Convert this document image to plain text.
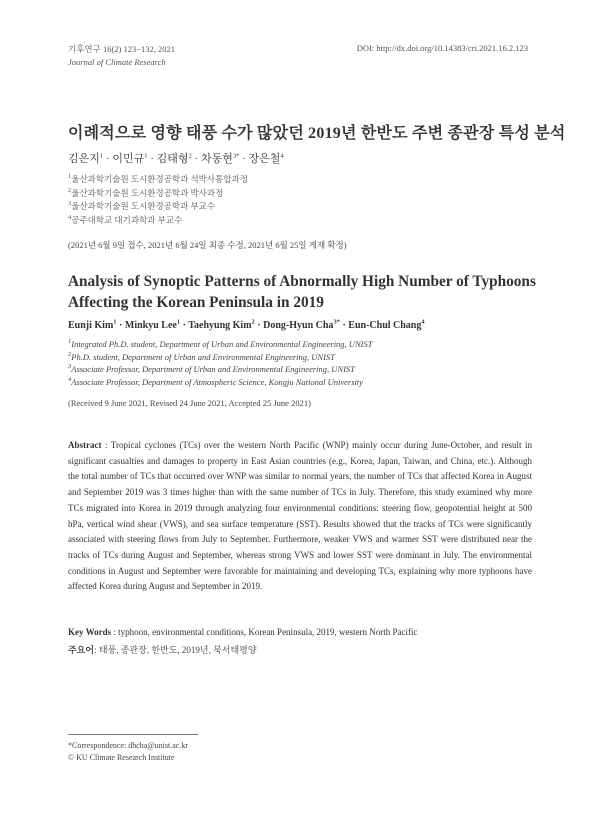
기후연구 16(2) 123−132, 2021
Journal of Climate Research
DOI: http://dx.doi.org/10.14383/cri.2021.16.2.123
이례적으로 영향 태풍 수가 많았던 2019년 한반도 주변 종관장 특성 분석
김은지$^1$ · 이민규$^1$ · 김태형$^2$ · 차동현$^{3*}$ · 장은철$^4$
$^1$울산과학기술원 도시환경공학과 석박사통합과정
$^2$울산과학기술원 도시환경공학과 박사과정
$^3$울산과학기술원 도시환경공학과 부교수
$^4$공주대학교 대기과학과 부교수
(2021년 6월 9일 접수, 2021년 6월 24일 최종 수정, 2021년 6월 25일 게재 확정)
Analysis of Synoptic Patterns of Abnormally High Number of Typhoons
Affecting the Korean Peninsula in 2019
Eunji Kim$^1$ · Minkyu Lee$^1$ · Taehyung Kim$^2$ · Dong-Hyun Cha$^{3*}$ · Eun-Chul Chang$^4$
$^1$Integrated Ph.D. student, Department of Urban and Environmental Engineering, UNIST
$^2$Ph.D. student, Department of Urban and Environmental Engineering, UNIST
$^3$Associate Professor, Department of Urban and Environmental Engineering, UNIST
$^4$Associate Professor, Department of Atmospheric Science, Kongju National University
(Received 9 June 2021, Revised 24 June 2021, Accepted 25 June 2021)
Abstract : Tropical cyclones (TCs) over the western North Pacific (WNP) mainly occur during June-October, and result in significant casualties and damages to property in East Asian countries (e.g., Korea, Japan, Taiwan, and China, etc.). Although the total number of TCs that occurred over WNP was similar to normal years, the number of TCs that affected Korea in August and September 2019 was 3 times higher than with the same number of TCs in July. Therefore, this study examined why more TCs migrated into Korea in 2019 through analyzing four environmental conditions: steering flow, geopotential height at 500 hPa, vertical wind shear (VWS), and sea surface temperature (SST). Results showed that the tracks of TCs were significantly associated with steering flows from July to September. Furthermore, weaker VWS and warmer SST were distributed near the tracks of TCs during August and September, whereas strong VWS and lower SST were dominant in July. The environmental conditions in August and September were favorable for maintaining and developing TCs, explaining why more typhoons have affected Korea during August and September in 2019.
Key Words : typhoon, environmental conditions, Korean Peninsula, 2019, western North Pacific
주요어: 태풍, 종관장, 한반도, 2019년, 북서태평양
*Correspondence: dhcha@unist.ac.kr
© KU Climate Research Institute
